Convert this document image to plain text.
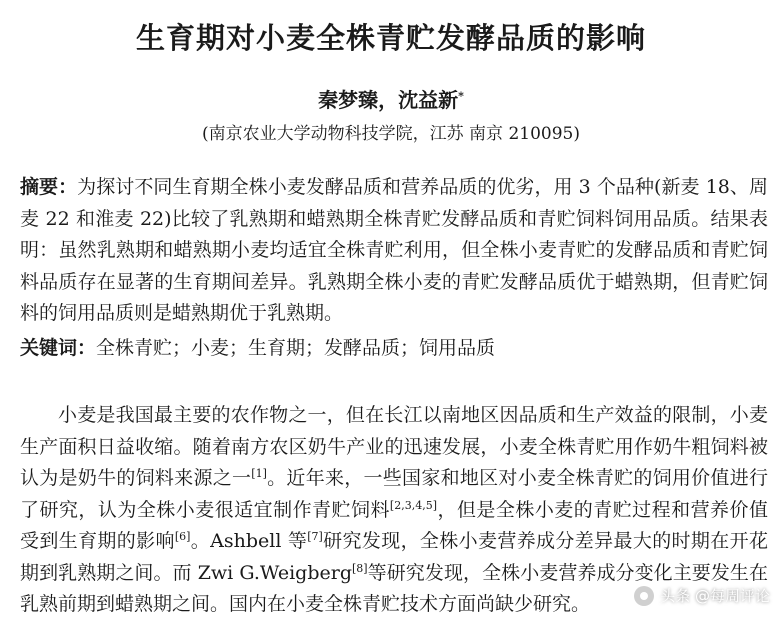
生育期对小麦全株青贮发酵品质的影响
秦梦臻，沈益新*
(南京农业大学动物科技学院，江苏 南京 210095)
摘要：为探讨不同生育期全株小麦发酵品质和营养品质的优劣，用 3 个品种(新麦 18、周麦 22 和淮麦 22)比较了乳熟期和蜡熟期全株青贮发酵品质和青贮饲料饲用品质。结果表明：虽然乳熟期和蜡熟期小麦均适宜全株青贮利用，但全株小麦青贮的发酵品质和青贮饲料品质存在显著的生育期间差异。乳熟期全株小麦的青贮发酵品质优于蜡熟期，但青贮饲料的饲用品质则是蜡熟期优于乳熟期。
关键词：全株青贮；小麦；生育期；发酵品质；饲用品质
小麦是我国最主要的农作物之一，但在长江以南地区因品质和生产效益的限制，小麦生产面积日益收缩。随着南方农区奶牛产业的迅速发展，小麦全株青贮用作奶牛粗饲料被认为是奶牛的饲料来源之一[1]。近年来，一些国家和地区对小麦全株青贮的饲用价值进行了研究，认为全株小麦很适宜制作青贮饲料[2,3,4,5]，但是全株小麦的青贮过程和营养价值受到生育期的影响[6]。Ashbell 等[7]研究发现，全株小麦营养成分差异最大的时期在开花期到乳熟期之间。而 Zwi G.Weigberg[8]等研究发现，全株小麦营养成分变化主要发生在乳熟前期到蜡熟期之间。国内在小麦全株青贮技术方面尚缺少研究。	头条 @每周评论
